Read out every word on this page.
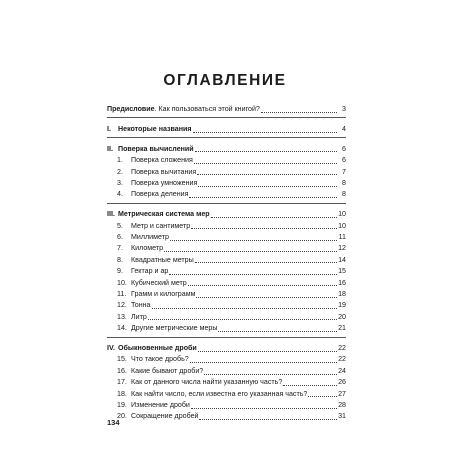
ОГЛАВЛЕНИЕ
Предисловие. Как пользоваться этой книгой?	3
I. Некоторые названия	4
II. Поверка вычислений	6
1.	Поверка сложения	6
2.	Поверка вычитания	7
3.	Поверка умножения	8
4.	Поверка деления	8
III. Метрическая система мер	10
5.	Метр и сантиметр	10
6.	Миллиметр	11
7.	Километр	12
8.	Квадратные метры	14
9.	Гектар и ар	15
10. Кубический метр	16
11. Грамм и килограмм	18
12. Тонна	19
13. Литр	20
14. Другие метрические меры	21
IV. Обыкновенные дроби	22
15. Что такое дробь?	22
16. Какие бывают дроби?	24
17. Как от данного числа найти указанную часть?	26
18. Как найти число, если известна его указанная часть?	27
19. Изменение дроби	28
20. Сокращение дробей	31
134
